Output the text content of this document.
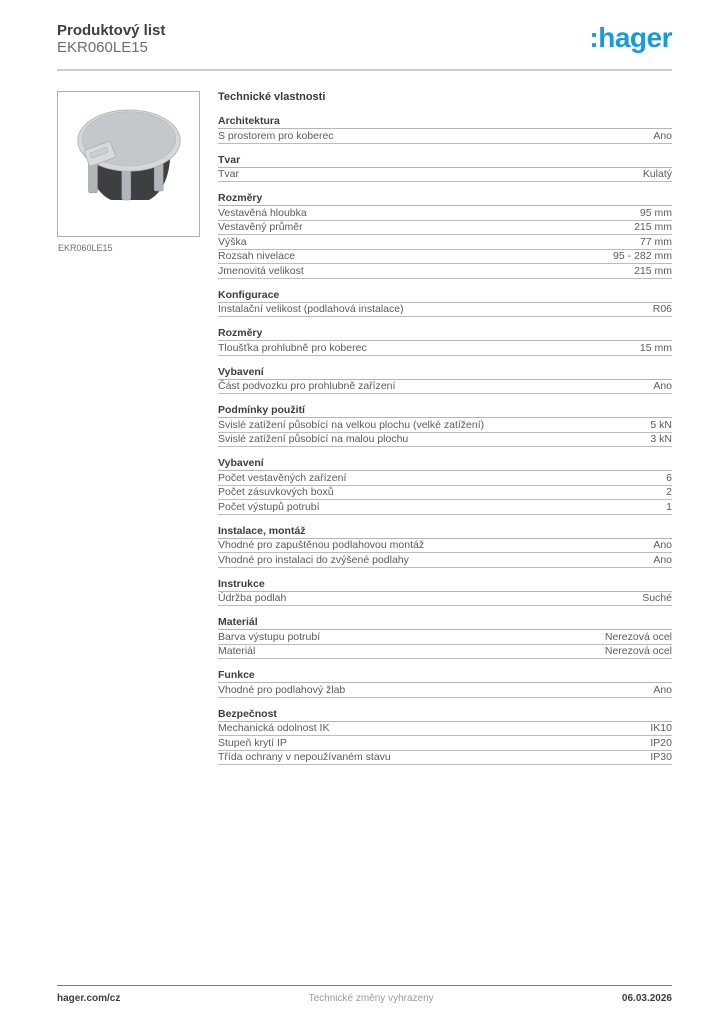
Produktový list
EKR060LE15	:hager
EKR060LE15
Technické vlastnosti
Architektura
S prostorem pro koberec	Ano
Tvar
Tvar	Kulatý
Rozměry
Vestavěná hloubka	95 mm
Vestavěný průměr	215 mm
Výška	77 mm
Rozsah nivelace	95 - 282 mm
Jmenovitá velikost	215 mm
Konfigurace
Instalační velikost (podlahová instalace)	R06
Rozměry
Tloušťka prohlubně pro koberec	15 mm
Vybavení
Část podvozku pro prohlubně zařízení	Ano
Podmínky použití
Svislé zatížení působící na velkou plochu (velké zatížení)	5 kN
Svislé zatížení působící na malou plochu	3 kN
Vybavení
Počet vestavěných zařízení	6
Počet zásuvkových boxů	2
Počet výstupů potrubí	1
Instalace, montáž
Vhodné pro zapuštěnou podlahovou montáž	Ano
Vhodné pro instalaci do zvýšené podlahy	Ano
Instrukce
Údržba podlah	Suché
Materiál
Barva výstupu potrubí	Nerezová ocel
Materiál	Nerezová ocel
Funkce
Vhodné pro podlahový žlab	Ano
Bezpečnost
Mechanická odolnost IK	IK10
Stupeň krytí IP	IP20
Třída ochrany v nepoužívaném stavu	IP30
hager.com/cz	Technické změny vyhrazeny	06.03.2026
